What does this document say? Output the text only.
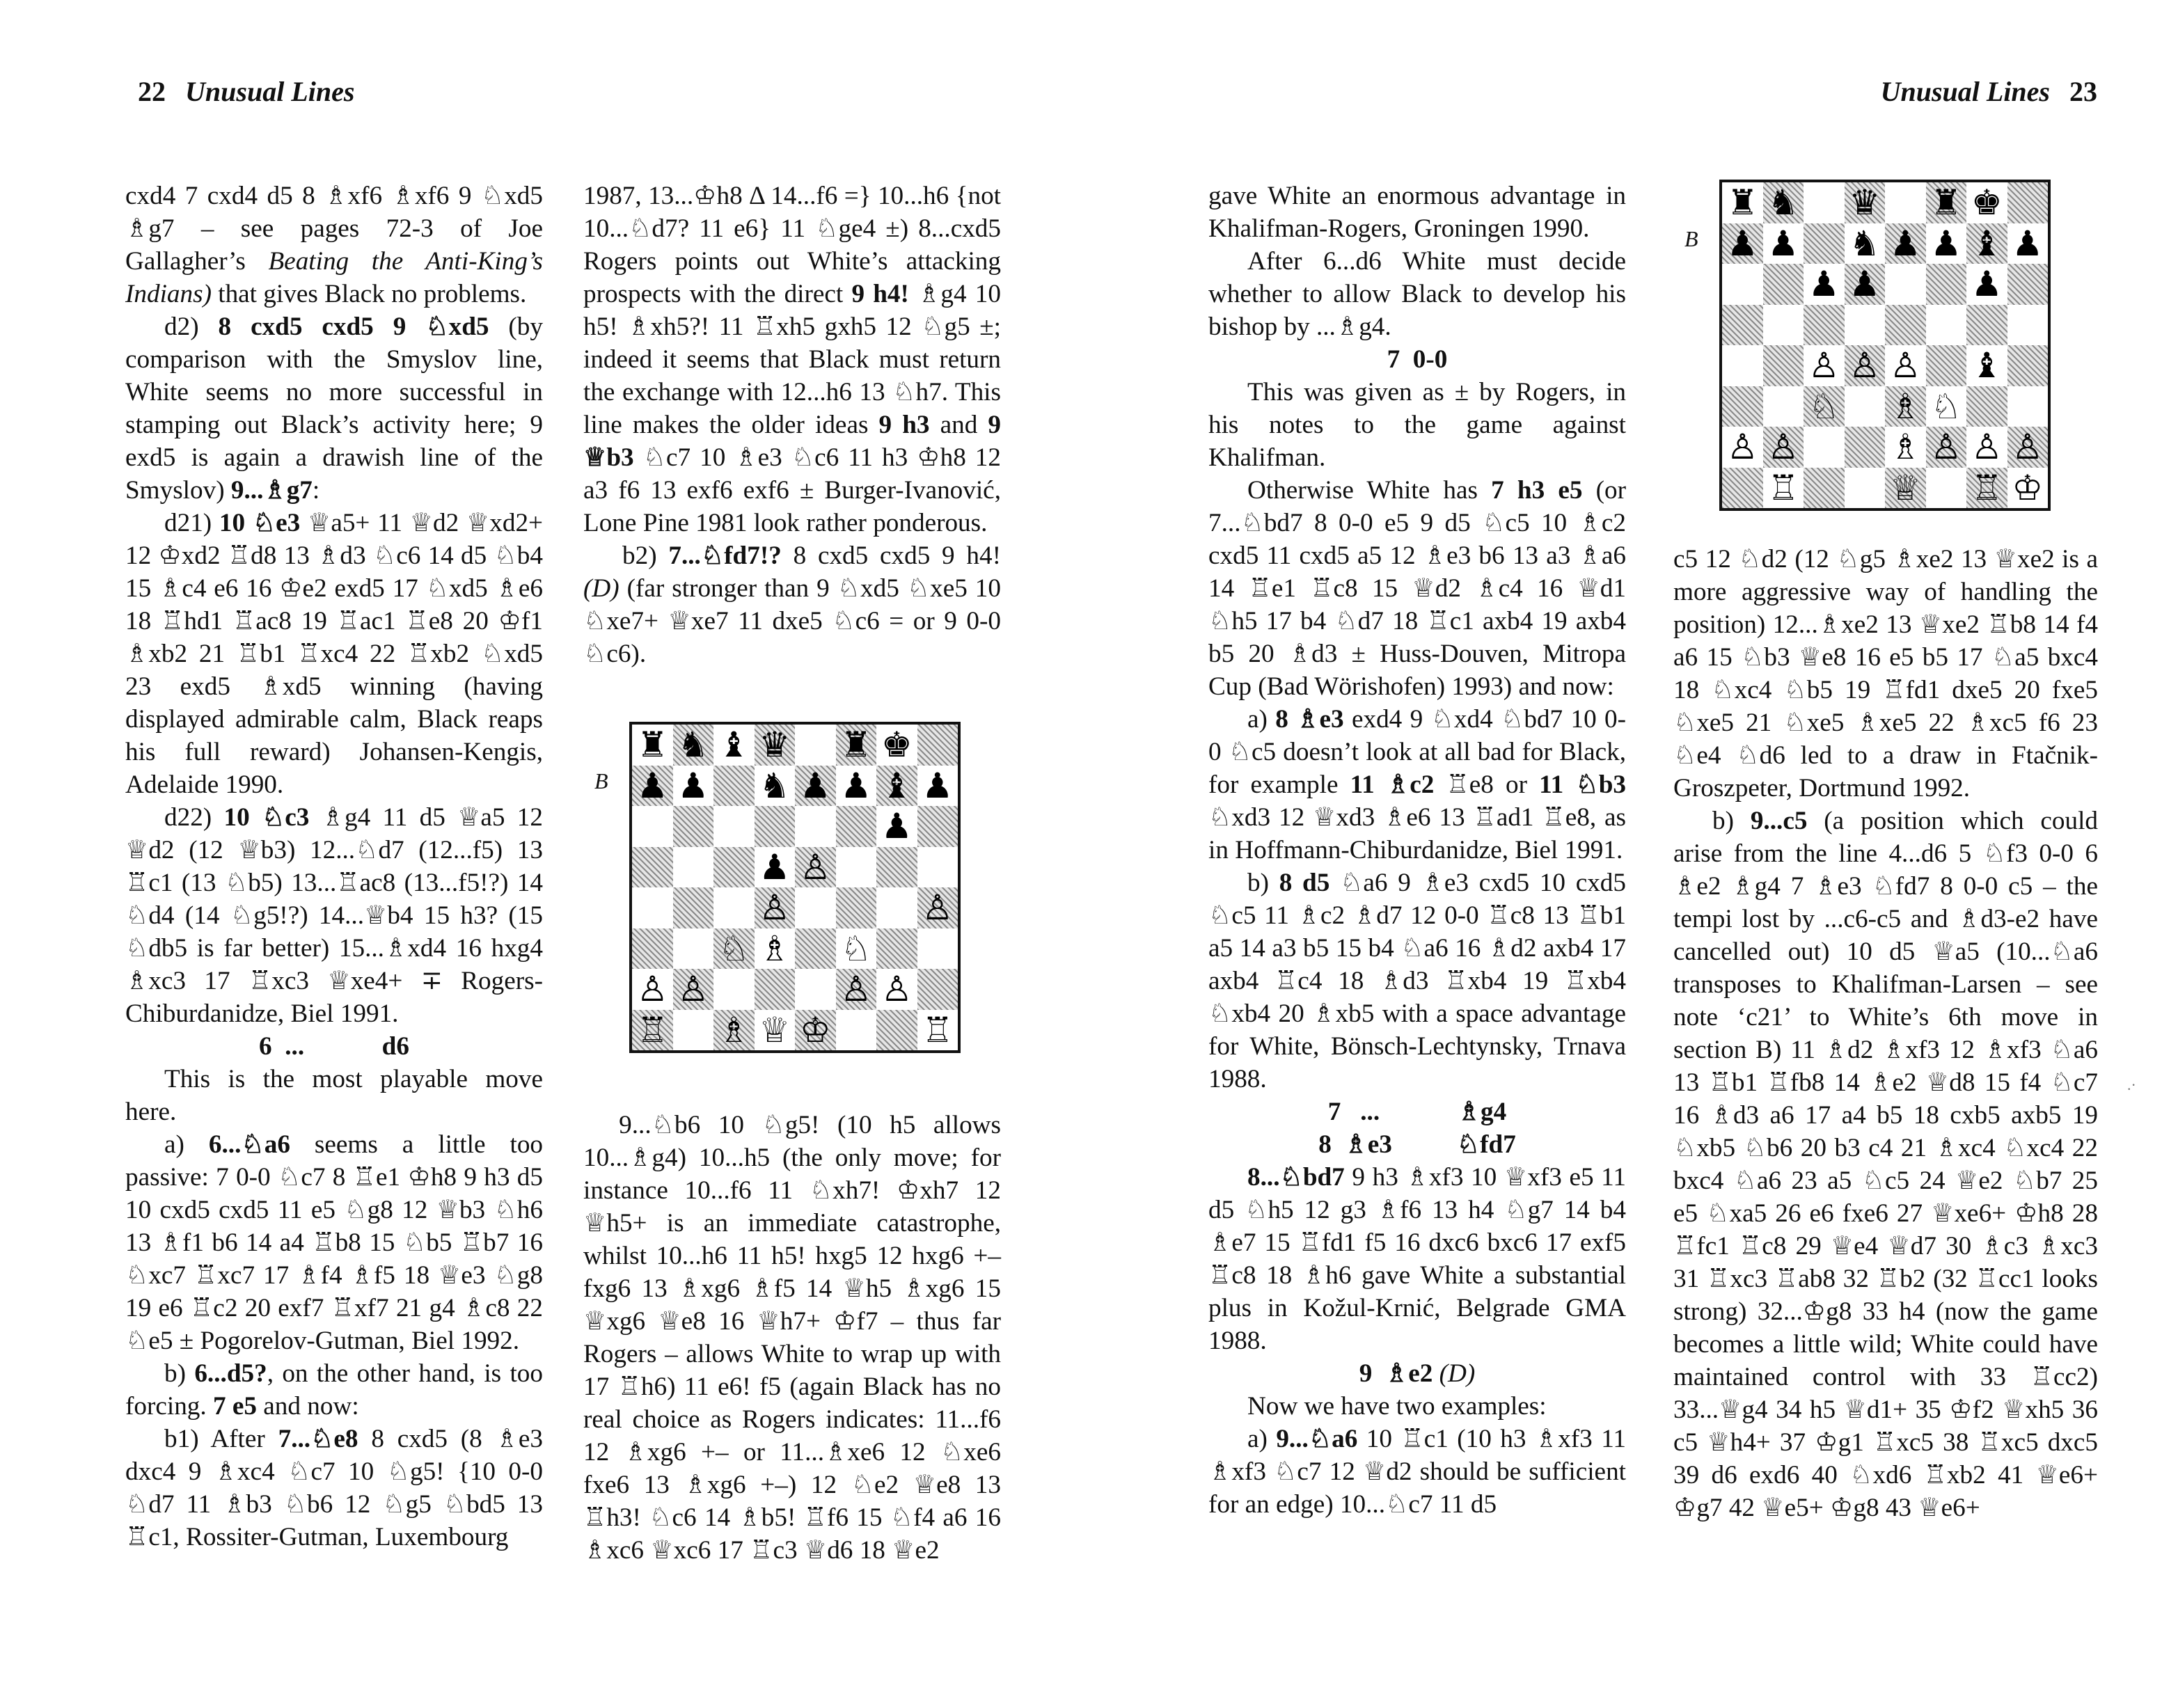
22 Unusual Lines	Unusual Lines 23

cxd4 7 cxd4 d5 8 ♗xf6 ♗xf6 9 ♘xd5 ♗g7 – see pages 72-3 of Joe Gallagher’s Beating the Anti-King’s Indians) that gives Black no problems.

d2) 8 cxd5 cxd5 9 ♘xd5 (by comparison with the Smyslov line, White seems no more successful in stamping out Black’s activity here; 9 exd5 is again a drawish line of the Smyslov) 9...♗g7:

d21) 10 ♘e3 ♕a5+ 11 ♕d2 ♕xd2+ 12 ♔xd2 ♖d8 13 ♗d3 ♘c6 14 d5 ♘b4 15 ♗c4 e6 16 ♔e2 exd5 17 ♘xd5 ♗e6 18 ♖hd1 ♖ac8 19 ♖ac1 ♖e8 20 ♔f1 ♗xb2 21 ♖b1 ♖xc4 22 ♖xb2 ♘xd5 23 exd5 ♗xd5 winning (having displayed admirable calm, Black reaps his full reward) Johansen-Kengis, Adelaide 1990.

d22) 10 ♘c3 ♗g4 11 d5 ♕a5 12 ♕d2 (12 ♕b3) 12...♘d7 (12...f5) 13 ♖c1 (13 ♘b5) 13...♖ac8 (13...f5!?) 14 ♘d4 (14 ♘g5!?) 14...♕b4 15 h3? (15 ♘db5 is far better) 15...♗xd4 16 hxg4 ♗xc3 17 ♖xc3 ♕xe4+ ∓ Rogers-Chiburdanidze, Biel 1991.

6  ...            d6

This is the most playable move here.

a) 6...♘a6 seems a little too passive: 7 0-0 ♘c7 8 ♖e1 ♔h8 9 h3 d5 10 cxd5 cxd5 11 e5 ♘g8 12 ♕b3 ♘h6 13 ♗f1 b6 14 a4 ♖b8 15 ♘b5 ♖b7 16 ♘xc7 ♖xc7 17 ♗f4 ♗f5 18 ♕e3 ♘g8 19 e6 ♖c2 20 exf7 ♖xf7 21 g4 ♗c8 22 ♘e5 ± Pogorelov-Gutman, Biel 1992.

b) 6...d5?, on the other hand, is too forcing. 7 e5 and now:

b1) After 7...♘e8 8 cxd5 (8 ♗e3 dxc4 9 ♗xc4 ♘c7 10 ♘g5! {10 0-0 ♘d7 11 ♗b3 ♘b6 12 ♘g5 ♘bd5 13 ♖c1, Rossiter-Gutman, Luxembourg

1987, 13...♔h8 Δ 14...f6 =} 10...h6 {not 10...♘d7? 11 e6} 11 ♘ge4 ±) 8...cxd5 Rogers points out White’s attacking prospects with the direct 9 h4! ♗g4 10 h5! ♗xh5?! 11 ♖xh5 gxh5 12 ♘g5 ±; indeed it seems that Black must return the exchange with 12...h6 13 ♘h7. This line makes the older ideas 9 h3 and 9 ♕b3 ♘c7 10 ♗e3 ♘c6 11 h3 ♔h8 12 a3 f6 13 exf6 exf6 ± Burger-Ivanović, Lone Pine 1981 look rather ponderous.

b2) 7...♘fd7!? 8 cxd5 cxd5 9 h4! (D) (far stronger than 9 ♘xd5 ♘xe5 10 ♘xe7+ ♕xe7 11 dxe5 ♘c6 = or 9 0-0 ♘c6).

B
♜ ♞ ♝ ♛ ♜ ♚
♟ ♟ ♞ ♟ ♟ ♝ ♟
♟
♟ ♙
♙	♙
♘ ♗ ♘
♙ ♙	♙ ♙
♖ ♗ ♕ ♔	♖

9...♘b6 10 ♘g5! (10 h5 allows 10...♗g4) 10...h5 (the only move; for instance 10...f6 11 ♘xh7! ♔xh7 12 ♕h5+ is an immediate catastrophe, whilst 10...h6 11 h5! hxg5 12 hxg6 +– fxg6 13 ♗xg6 ♗f5 14 ♕h5 ♗xg6 15 ♕xg6 ♕e8 16 ♕h7+ ♔f7 – thus far Rogers – allows White to wrap up with 17 ♖h6) 11 e6! f5 (again Black has no real choice as Rogers indicates: 11...f6 12 ♗xg6 +– or 11...♗xe6 12 ♘xe6 fxe6 13 ♗xg6 +–) 12 ♘e2 ♕e8 13 ♖h3! ♘c6 14 ♗b5! ♖f6 15 ♘f4 a6 16 ♗xc6 ♕xc6 17 ♖c3 ♕d6 18 ♕e2

gave White an enormous advantage in Khalifman-Rogers, Groningen 1990.

After 6...d6 White must decide whether to allow Black to develop his bishop by ...♗g4.

7  0-0

This was given as ± by Rogers, in his notes to the game against Khalifman.

Otherwise White has 7 h3 e5 (or 7...♘bd7 8 0-0 e5 9 d5 ♘c5 10 ♗c2 cxd5 11 cxd5 a5 12 ♗e3 b6 13 a3 ♗a6 14 ♖e1 ♖c8 15 ♕d2 ♗c4 16 ♕d1 ♘h5 17 b4 ♘d7 18 ♖c1 axb4 19 axb4 b5 20 ♗d3 ± Huss-Douven, Mitropa Cup (Bad Wörishofen) 1993) and now:

a) 8 ♗e3 exd4 9 ♘xd4 ♘bd7 10 0-0 ♘c5 doesn’t look at all bad for Black, for example 11 ♗c2 ♖e8 or 11 ♘b3 ♘xd3 12 ♕xd3 ♗e6 13 ♖ad1 ♖e8, as in Hoffmann-Chiburdanidze, Biel 1991.

b) 8 d5 ♘a6 9 ♗e3 cxd5 10 cxd5 ♘c5 11 ♗c2 ♗d7 12 0-0 ♖c8 13 ♖b1 a5 14 a3 b5 15 b4 ♘a6 16 ♗d2 axb4 17 axb4 ♖c4 18 ♗d3 ♖xb4 19 ♖xb4 ♘xb4 20 ♗xb5 with a space advantage for White, Bönsch-Lechtynsky, Trnava 1988.

7   ...            ♗g4

8  ♗e3          ♘fd7

8...♘bd7 9 h3 ♗xf3 10 ♕xf3 e5 11 d5 ♘h5 12 g3 ♗f6 13 h4 ♘g7 14 b4 ♗e7 15 ♖fd1 f5 16 dxc6 bxc6 17 exf5 ♖c8 18 ♗h6 gave White a substantial plus in Kožul-Krnić, Belgrade GMA 1988.

9  ♗e2 (D)

Now we have two examples:

a) 9...♘a6 10 ♖c1 (10 h3 ♗xf3 11 ♗xf3 ♘c7 12 ♕d2 should be sufficient for an edge) 10...♘c7 11 d5

B
♜ ♞ ♛ ♜ ♚
♟ ♟ ♞ ♟ ♟ ♝ ♟
♟ ♟	♟
♙ ♙ ♙ ♝
♘ ♗ ♘
♙ ♙	♗ ♙ ♙ ♙
♖	♕ ♖ ♔

c5 12 ♘d2 (12 ♘g5 ♗xe2 13 ♕xe2 is a more aggressive way of handling the position) 12...♗xe2 13 ♕xe2 ♖b8 14 f4 a6 15 ♘b3 ♕e8 16 e5 b5 17 ♘a5 bxc4 18 ♘xc4 ♘b5 19 ♖fd1 dxe5 20 fxe5 ♘xe5 21 ♘xe5 ♗xe5 22 ♗xc5 f6 23 ♘e4 ♘d6 led to a draw in Ftačnik-Groszpeter, Dortmund 1992.

b) 9...c5 (a position which could arise from the line 4...d6 5 ♘f3 0-0 6 ♗e2 ♗g4 7 ♗e3 ♘fd7 8 0-0 c5 – the tempi lost by ...c6-c5 and ♗d3-e2 have cancelled out) 10 d5 ♕a5 (10...♘a6 transposes to Khalifman-Larsen – see note ‘c21’ to White’s 6th move in section B) 11 ♗d2 ♗xf3 12 ♗xf3 ♘a6 13 ♖b1 ♖fb8 14 ♗e2 ♕d8 15 f4 ♘c7 16 ♗d3 a6 17 a4 b5 18 cxb5 axb5 19 ♘xb5 ♘b6 20 b3 c4 21 ♗xc4 ♘xc4 22 bxc4 ♘a6 23 a5 ♘c5 24 ♕e2 ♘b7 25 e5 ♘xa5 26 e6 fxe6 27 ♕xe6+ ♔h8 28 ♖fc1 ♖c8 29 ♕e4 ♕d7 30 ♗c3 ♗xc3 31 ♖xc3 ♖ab8 32 ♖b2 (32 ♖cc1 looks strong) 32...♔g8 33 h4 (now the game becomes a little wild; White could have maintained control with 33 ♖cc2) 33...♕g4 34 h5 ♕d1+ 35 ♔f2 ♕xh5 36 c5 ♕h4+ 37 ♔g1 ♖xc5 38 ♖xc5 dxc5 39 d6 exd6 40 ♘xd6 ♖xb2 41 ♕e6+ ♔g7 42 ♕e5+ ♔g8 43 ♕e6+

.·
